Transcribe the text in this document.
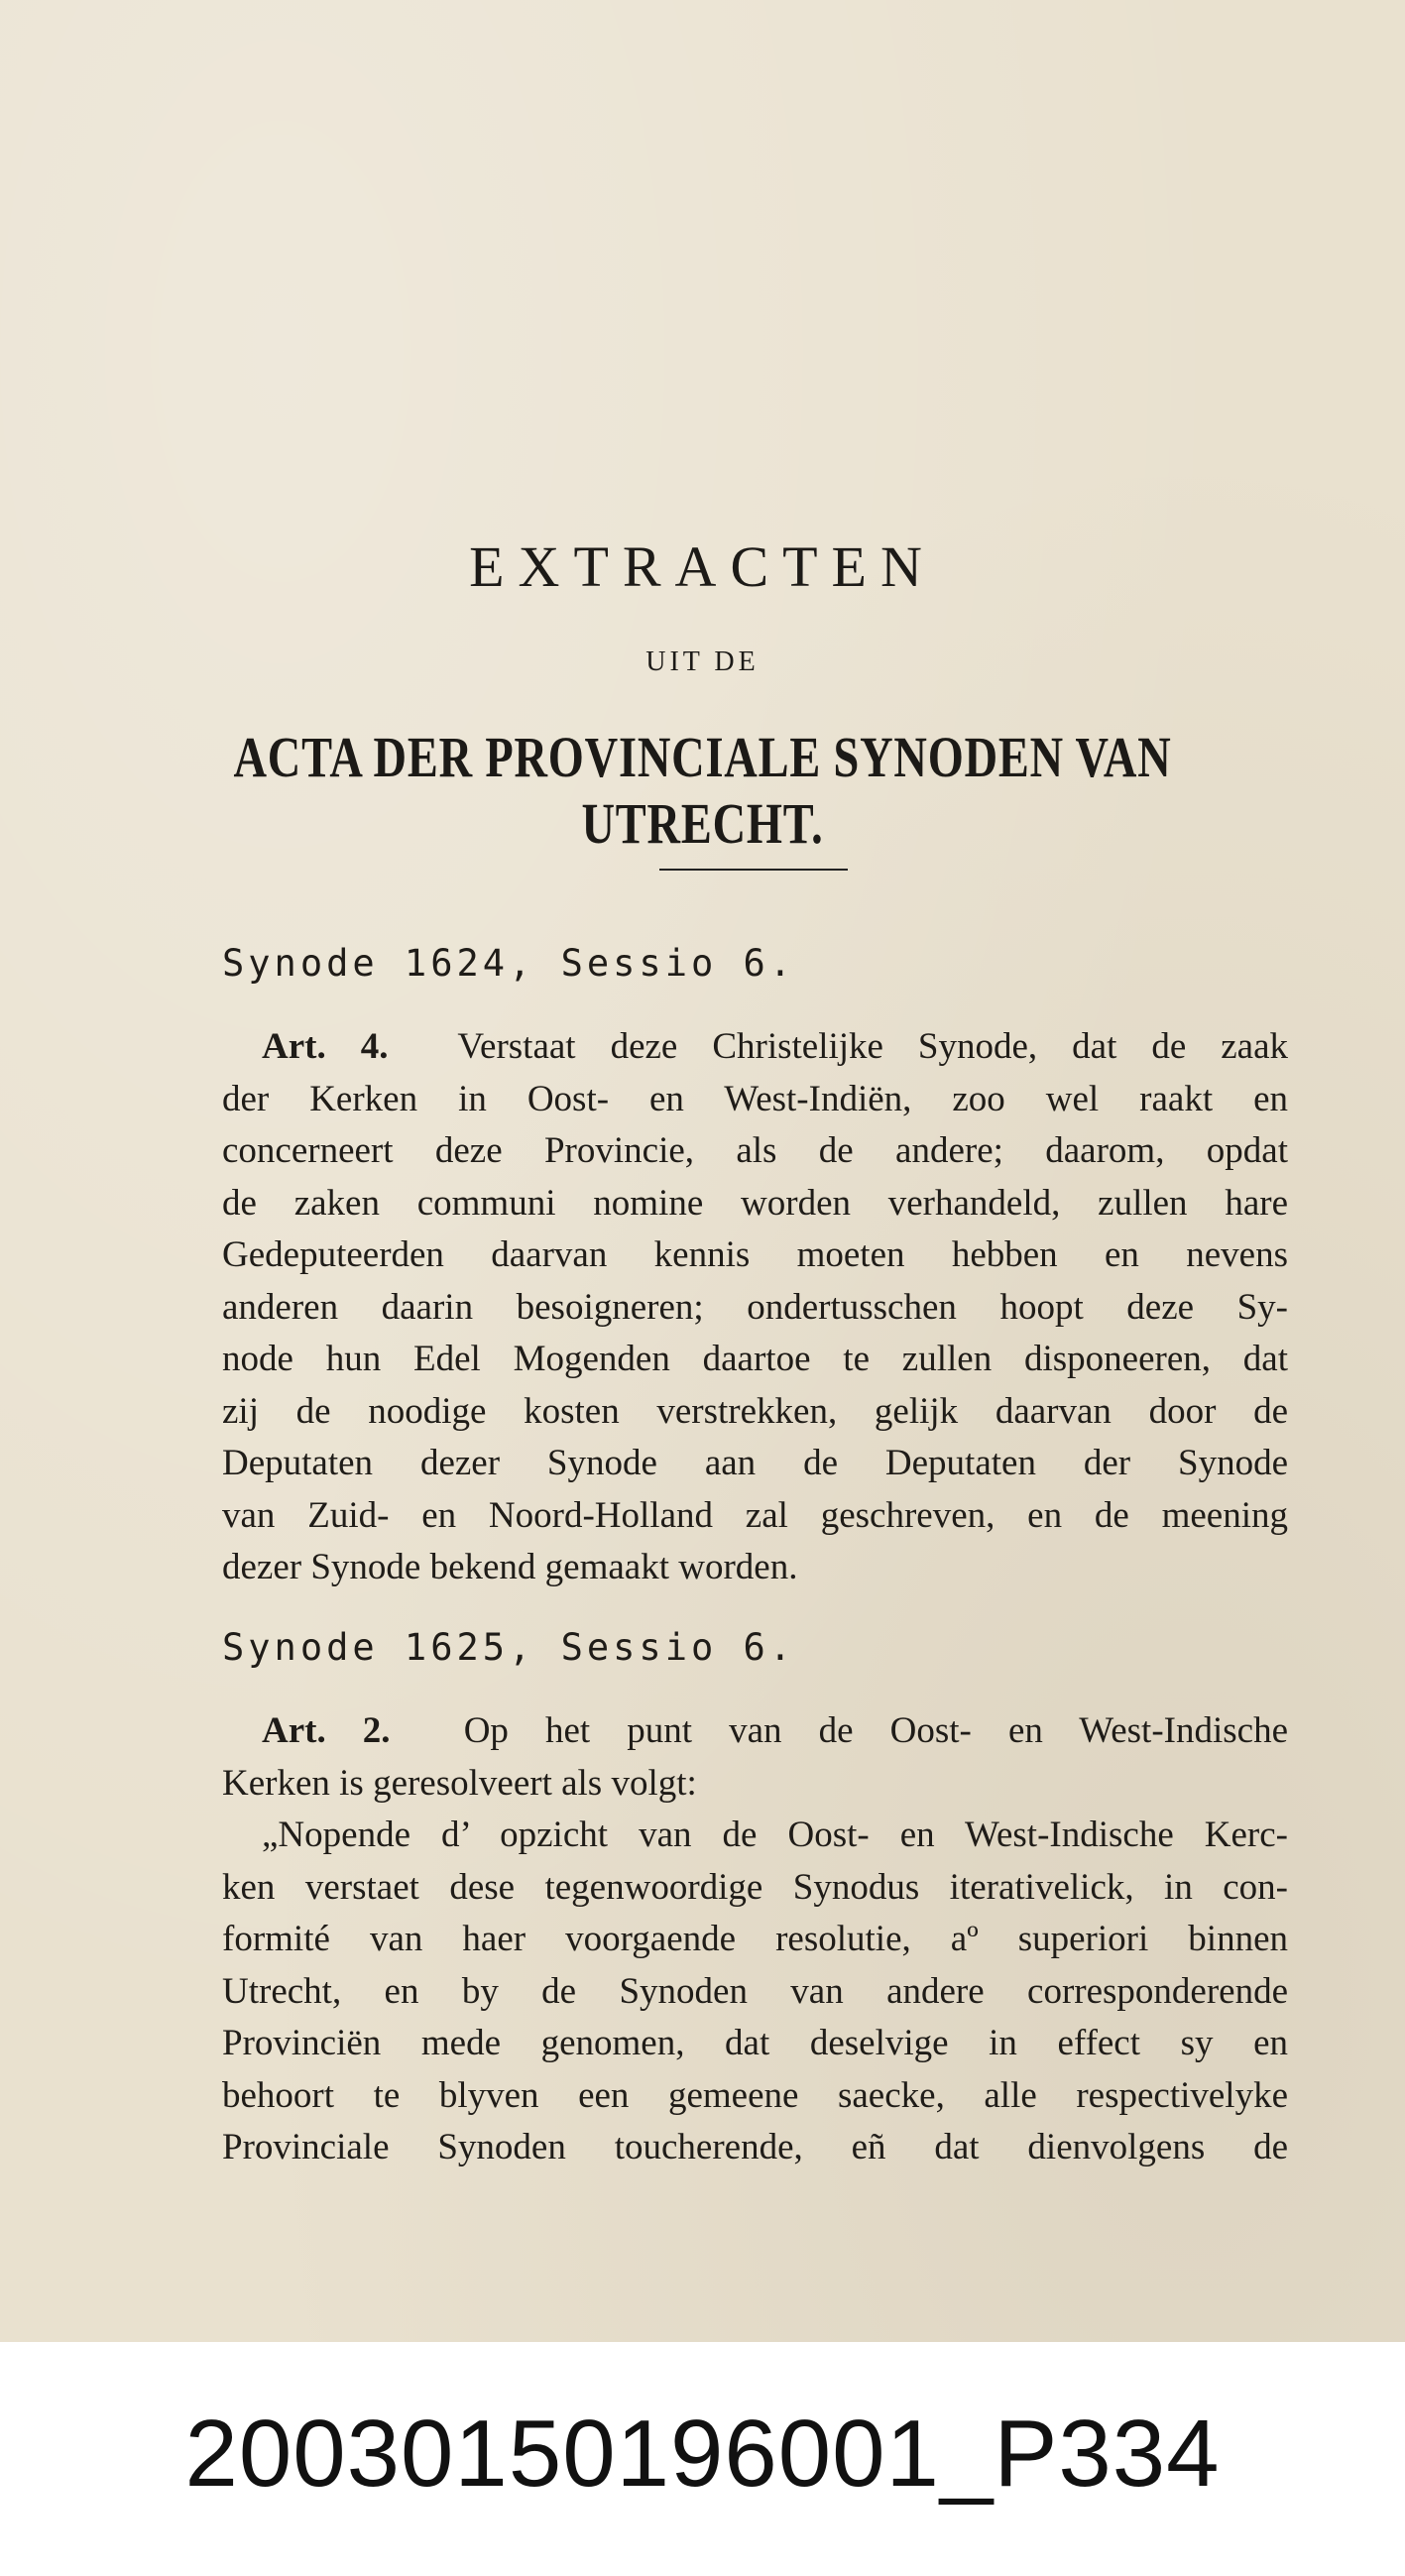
EXTRACTEN
UIT DE
ACTA DER PROVINCIALE SYNODEN VAN UTRECHT.
Synode 1624, Sessio 6.
Art. 4. Verstaat deze Christelijke Synode, dat de zaak
der Kerken in Oost- en West-Indiën, zoo wel raakt en
concerneert deze Provincie, als de andere; daarom, opdat
de zaken communi nomine worden verhandeld, zullen hare
Gedeputeerden daarvan kennis moeten hebben en nevens
anderen daarin besoigneren; ondertusschen hoopt deze Sy-
node hun Edel Mogenden daartoe te zullen disponeeren, dat
zij de noodige kosten verstrekken, gelijk daarvan door de
Deputaten dezer Synode aan de Deputaten der Synode
van Zuid- en Noord-Holland zal geschreven, en de meening
dezer Synode bekend gemaakt worden.
Synode 1625, Sessio 6.
Art. 2. Op het punt van de Oost- en West-Indische
Kerken is geresolveert als volgt:
„Nopende d’ opzicht van de Oost- en West-Indische Kerc-
ken verstaet dese tegenwoordige Synodus iterativelick, in con-
formité van haer voorgaende resolutie, aº superiori binnen
Utrecht, en by de Synoden van andere corresponderende
Provinciën mede genomen, dat deselvige in effect sy en
behoort te blyven een gemeene saecke, alle respectivelyke
Provinciale Synoden toucherende, eñ dat dienvolgens de
20030150196001_P334
